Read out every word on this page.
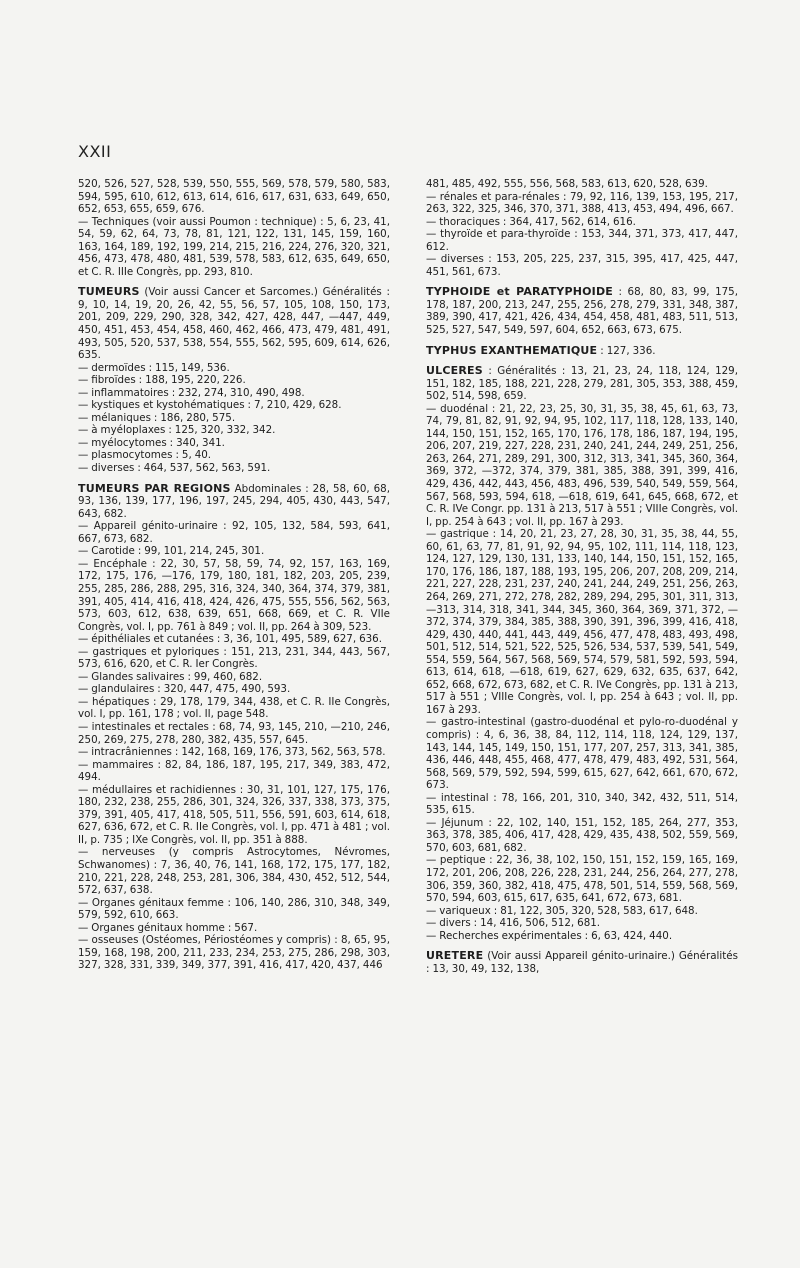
XXII

520, 526, 527, 528, 539, 550, 555, 569, 578, 579, 580, 583, 594, 595, 610, 612, 613, 614, 616, 617, 631, 633, 649, 650, 652, 653, 655, 659, 676.

— Techniques (voir aussi Poumon : technique) : 5, 6, 23, 41, 54, 59, 62, 64, 73, 78, 81, 121, 122, 131, 145, 159, 160, 163, 164, 189, 192, 199, 214, 215, 216, 224, 276, 320, 321, 456, 473, 478, 480, 481, 539, 578, 583, 612, 635, 649, 650, et C. R. IIIe Congrès, pp. 293, 810.

TUMEURS (Voir aussi Cancer et Sarcomes.) Généralités : 9, 10, 14, 19, 20, 26, 42, 55, 56, 57, 105, 108, 150, 173, 201, 209, 229, 290, 328, 342, 427, 428, 447, —447, 449, 450, 451, 453, 454, 458, 460, 462, 466, 473, 479, 481, 491, 493, 505, 520, 537, 538, 554, 555, 562, 595, 609, 614, 626, 635.

— dermoïdes : 115, 149, 536.

— fibroïdes : 188, 195, 220, 226.

— inflammatoires : 232, 274, 310, 490, 498.

— kystiques et kystohématiques : 7, 210, 429, 628.

— mélaniques : 186, 280, 575.

— à myéloplaxes : 125, 320, 332, 342.

— myélocytomes : 340, 341.

— plasmocytomes : 5, 40.

— diverses : 464, 537, 562, 563, 591.

TUMEURS PAR REGIONS Abdominales : 28, 58, 60, 68, 93, 136, 139, 177, 196, 197, 245, 294, 405, 430, 443, 547, 643, 682.

— Appareil génito-urinaire : 92, 105, 132, 584, 593, 641, 667, 673, 682.

— Carotide : 99, 101, 214, 245, 301.

— Encéphale : 22, 30, 57, 58, 59, 74, 92, 157, 163, 169, 172, 175, 176, —176, 179, 180, 181, 182, 203, 205, 239, 255, 285, 286, 288, 295, 316, 324, 340, 364, 374, 379, 381, 391, 405, 414, 416, 418, 424, 426, 475, 555, 556, 562, 563, 573, 603, 612, 638, 639, 651, 668, 669, et C. R. VIIe Congrès, vol. I, pp. 761 à 849 ; vol. II, pp. 264 à 309, 523.

— épithéliales et cutanées : 3, 36, 101, 495, 589, 627, 636.

— gastriques et pyloriques : 151, 213, 231, 344, 443, 567, 573, 616, 620, et C. R. Ier Congrès.

— Glandes salivaires : 99, 460, 682.

— glandulaires : 320, 447, 475, 490, 593.

— hépatiques : 29, 178, 179, 344, 438, et C. R. IIe Congrès, vol. I, pp. 161, 178 ; vol. II, page 548.

— intestinales et rectales : 68, 74, 93, 145, 210, —210, 246, 250, 269, 275, 278, 280, 382, 435, 557, 645.

— intracrâniennes : 142, 168, 169, 176, 373, 562, 563, 578.

— mammaires : 82, 84, 186, 187, 195, 217, 349, 383, 472, 494.

— médullaires et rachidiennes : 30, 31, 101, 127, 175, 176, 180, 232, 238, 255, 286, 301, 324, 326, 337, 338, 373, 375, 379, 391, 405, 417, 418, 505, 511, 556, 591, 603, 614, 618, 627, 636, 672, et C. R. IIe Congrès, vol. I, pp. 471 à 481 ; vol. II, p. 735 ; IXe Congrès, vol. II, pp. 351 à 888.

— nerveuses (y compris Astrocytomes, Névromes, Schwanomes) : 7, 36, 40, 76, 141, 168, 172, 175, 177, 182, 210, 221, 228, 248, 253, 281, 306, 384, 430, 452, 512, 544, 572, 637, 638.

— Organes génitaux femme : 106, 140, 286, 310, 348, 349, 579, 592, 610, 663.

— Organes génitaux homme : 567.

— osseuses (Ostéomes, Périostéomes y compris) : 8, 65, 95, 159, 168, 198, 200, 211, 233, 234, 253, 275, 286, 298, 303, 327, 328, 331, 339, 349, 377, 391, 416, 417, 420, 437, 446

481, 485, 492, 555, 556, 568, 583, 613, 620, 528, 639.

— rénales et para-rénales : 79, 92, 116, 139, 153, 195, 217, 263, 322, 325, 346, 370, 371, 388, 413, 453, 494, 496, 667.

— thoraciques : 364, 417, 562, 614, 616.

— thyroïde et para-thyroïde : 153, 344, 371, 373, 417, 447, 612.

— diverses : 153, 205, 225, 237, 315, 395, 417, 425, 447, 451, 561, 673.

TYPHOIDE et PARATYPHOIDE : 68, 80, 83, 99, 175, 178, 187, 200, 213, 247, 255, 256, 278, 279, 331, 348, 387, 389, 390, 417, 421, 426, 434, 454, 458, 481, 483, 511, 513, 525, 527, 547, 549, 597, 604, 652, 663, 673, 675.

TYPHUS EXANTHEMATIQUE : 127, 336.

ULCERES : Généralités : 13, 21, 23, 24, 118, 124, 129, 151, 182, 185, 188, 221, 228, 279, 281, 305, 353, 388, 459, 502, 514, 598, 659.

— duodénal : 21, 22, 23, 25, 30, 31, 35, 38, 45, 61, 63, 73, 74, 79, 81, 82, 91, 92, 94, 95, 102, 117, 118, 128, 133, 140, 144, 150, 151, 152, 165, 170, 176, 178, 186, 187, 194, 195, 206, 207, 219, 227, 228, 231, 240, 241, 244, 249, 251, 256, 263, 264, 271, 289, 291, 300, 312, 313, 341, 345, 360, 364, 369, 372, —372, 374, 379, 381, 385, 388, 391, 399, 416, 429, 436, 442, 443, 456, 483, 496, 539, 540, 549, 559, 564, 567, 568, 593, 594, 618, —618, 619, 641, 645, 668, 672, et C. R. IVe Congr. pp. 131 à 213, 517 à 551 ; VIIIe Congrès, vol. I, pp. 254 à 643 ; vol. II, pp. 167 à 293.

— gastrique : 14, 20, 21, 23, 27, 28, 30, 31, 35, 38, 44, 55, 60, 61, 63, 77, 81, 91, 92, 94, 95, 102, 111, 114, 118, 123, 124, 127, 129, 130, 131, 133, 140, 144, 150, 151, 152, 165, 170, 176, 186, 187, 188, 193, 195, 206, 207, 208, 209, 214, 221, 227, 228, 231, 237, 240, 241, 244, 249, 251, 256, 263, 264, 269, 271, 272, 278, 282, 289, 294, 295, 301, 311, 313, —313, 314, 318, 341, 344, 345, 360, 364, 369, 371, 372, —372, 374, 379, 384, 385, 388, 390, 391, 396, 399, 416, 418, 429, 430, 440, 441, 443, 449, 456, 477, 478, 483, 493, 498, 501, 512, 514, 521, 522, 525, 526, 534, 537, 539, 541, 549, 554, 559, 564, 567, 568, 569, 574, 579, 581, 592, 593, 594, 613, 614, 618, —618, 619, 627, 629, 632, 635, 637, 642, 652, 668, 672, 673, 682, et C. R. IVe Congrès, pp. 131 à 213, 517 à 551 ; VIIIe Congrès, vol. I, pp. 254 à 643 ; vol. II, pp. 167 à 293.

— gastro-intestinal (gastro-duodénal et pylo-ro-duodénal y compris) : 4, 6, 36, 38, 84, 112, 114, 118, 124, 129, 137, 143, 144, 145, 149, 150, 151, 177, 207, 257, 313, 341, 385, 436, 446, 448, 455, 468, 477, 478, 479, 483, 492, 531, 564, 568, 569, 579, 592, 594, 599, 615, 627, 642, 661, 670, 672, 673.

— intestinal : 78, 166, 201, 310, 340, 342, 432, 511, 514, 535, 615.

— Jéjunum : 22, 102, 140, 151, 152, 185, 264, 277, 353, 363, 378, 385, 406, 417, 428, 429, 435, 438, 502, 559, 569, 570, 603, 681, 682.

— peptique : 22, 36, 38, 102, 150, 151, 152, 159, 165, 169, 172, 201, 206, 208, 226, 228, 231, 244, 256, 264, 277, 278, 306, 359, 360, 382, 418, 475, 478, 501, 514, 559, 568, 569, 570, 594, 603, 615, 617, 635, 641, 672, 673, 681.

— variqueux : 81, 122, 305, 320, 528, 583, 617, 648.

— divers : 14, 416, 506, 512, 681.

— Recherches expérimentales : 6, 63, 424, 440.

URETERE (Voir aussi Appareil génito-urinaire.) Généralités : 13, 30, 49, 132, 138,
